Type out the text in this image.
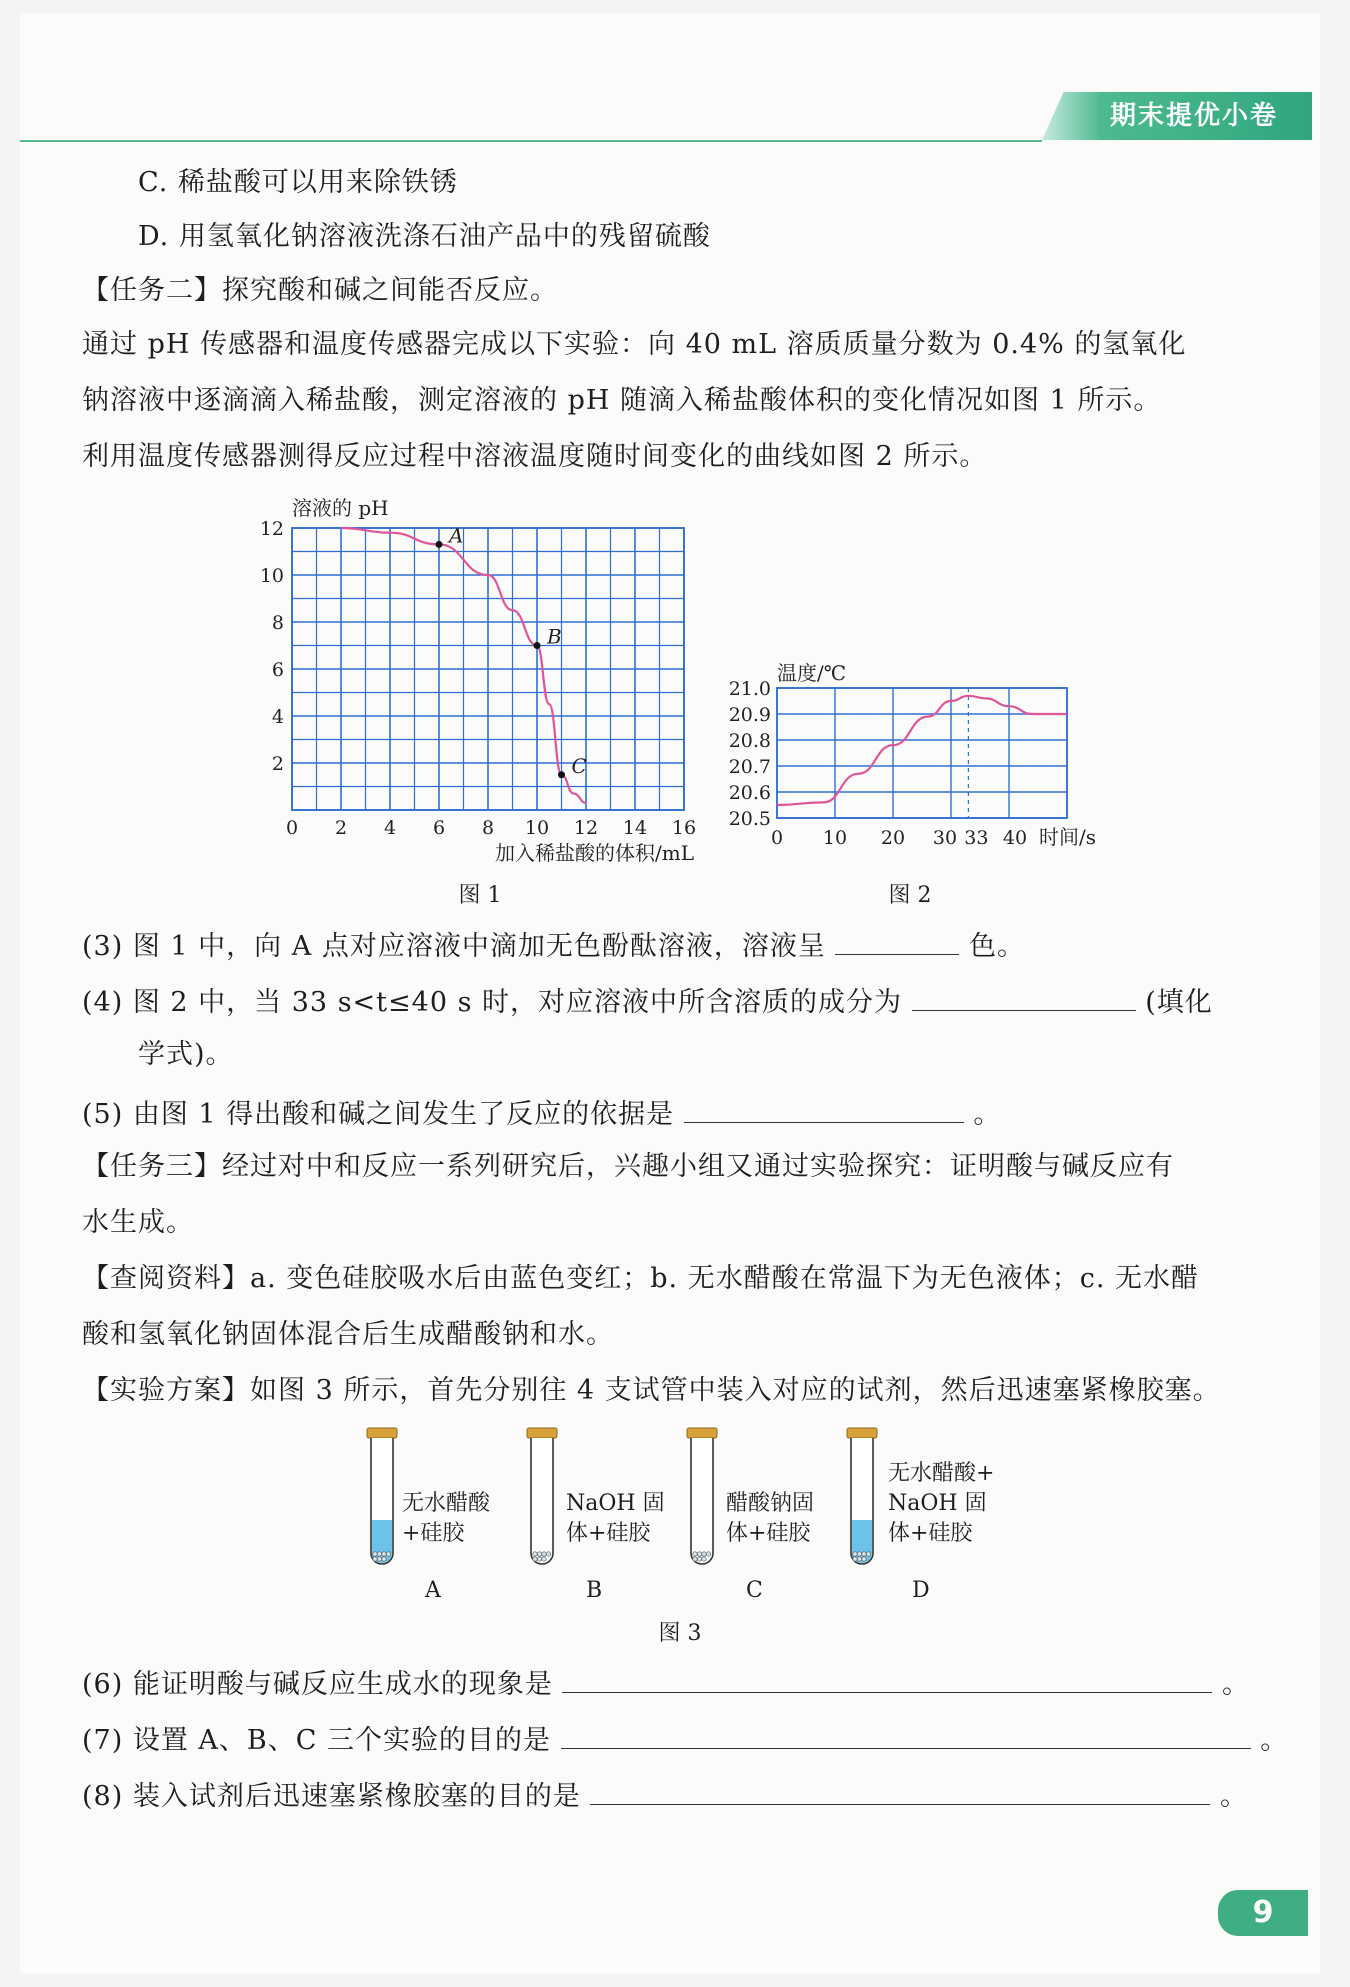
期末提优小卷
C. 稀盐酸可以用来除铁锈
D. 用氢氧化钠溶液洗涤石油产品中的残留硫酸
【任务二】探究酸和碱之间能否反应。
通过 pH 传感器和温度传感器完成以下实验：向 40 mL 溶质质量分数为 0.4% 的氢氧化
钠溶液中逐滴滴入稀盐酸，测定溶液的 pH 随滴入稀盐酸体积的变化情况如图 1 所示。
利用温度传感器测得反应过程中溶液温度随时间变化的曲线如图 2 所示。
溶液的 pH
2
4
6
8
10
12
0 2 4 6 8 10 12 14 16
加入稀盐酸的体积/mL
A
B
C
图 1
温度/℃
20.5
20.6
20.7
20.8
20.9
21.0
0 10 20 30 33 40 时间/s
图 2
(3) 图 1 中，向 A 点对应溶液中滴加无色酚酞溶液，溶液呈	色。
(4) 图 2 中，当 33 s<t≤40 s 时，对应溶液中所含溶质的成分为	(填化
学式)。
(5) 由图 1 得出酸和碱之间发生了反应的依据是	。
【任务三】经过对中和反应一系列研究后，兴趣小组又通过实验探究：证明酸与碱反应有
水生成。
【查阅资料】a. 变色硅胶吸水后由蓝色变红；b. 无水醋酸在常温下为无色液体；c. 无水醋
酸和氢氧化钠固体混合后生成醋酸钠和水。
【实验方案】如图 3 所示，首先分别往 4 支试管中装入对应的试剂，然后迅速塞紧橡胶塞。
无水醋酸
+硅胶
NaOH 固
体+硅胶
醋酸钠固
体+硅胶
无水醋酸+
NaOH 固
体+硅胶
A	B	C	D
图 3
(6) 能证明酸与碱反应生成水的现象是	。
(7) 设置 A、B、C 三个实验的目的是	。
(8) 装入试剂后迅速塞紧橡胶塞的目的是	。
9
